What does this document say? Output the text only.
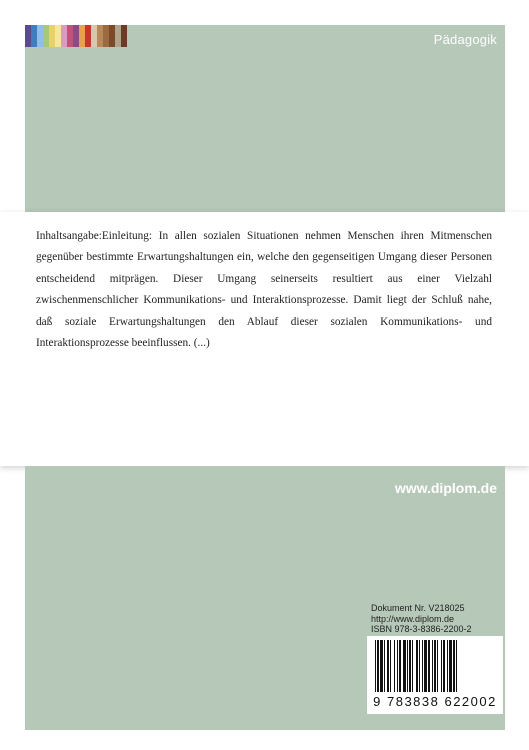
Pädagogik
Inhaltsangabe:Einleitung: In allen sozialen Situationen nehmen Menschen ihren Mitmenschen gegenüber bestimmte Erwartungshaltungen ein, welche den gegenseitigen Umgang dieser Personen entscheidend mitprägen. Dieser Umgang seinerseits resultiert aus einer Vielzahl zwischenmenschlicher Kommunikations- und Interaktionsprozesse. Damit liegt der Schluß nahe, daß soziale Erwartungshaltungen den Ablauf dieser sozialen Kommunikations- und Interaktionsprozesse beeinflussen. (...)
www.diplom.de
Dokument Nr. V218025
http://www.diplom.de
ISBN 978-3-8386-2200-2
9 783838 622002
